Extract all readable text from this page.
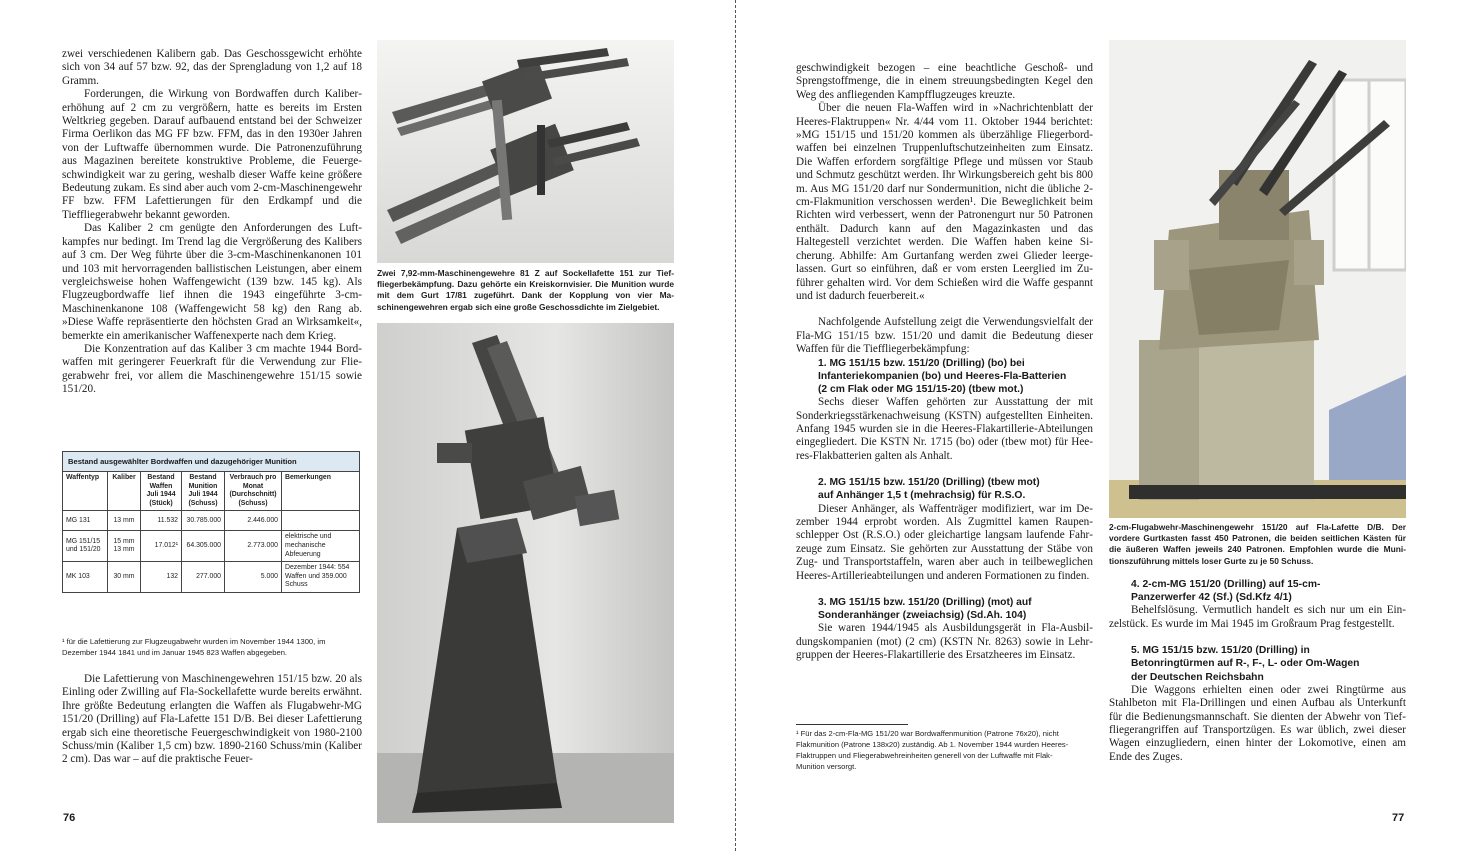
zwei verschiedenen Kalibern gab. Das Geschossgewicht erhöhte sich von 34 auf 57 bzw. 92, das der Sprengladung von 1,2 auf 18 Gramm.

Forderungen, die Wirkung von Bordwaffen durch Kalibererhöhung auf 2 cm zu vergrößern, hatte es bereits im Ersten Weltkrieg gegeben. Darauf aufbauend entstand bei der Schweizer Firma Oerlikon das MG FF bzw. FFM, das in den 1930er Jahren von der Luftwaffe übernommen wurde. Die Patronenzuführung aus Magazinen bereitete konstruktive Probleme, die Feuergeschwindigkeit war zu gering, weshalb dieser Waffe keine größere Bedeutung zukam. Es sind aber auch vom 2-cm-Maschinengewehr FF bzw. FFM Lafettierungen für den Erdkampf und die Tieffliegerabwehr bekannt geworden.

Das Kaliber 2 cm genügte den Anforderungen des Luftkampfes nur bedingt. Im Trend lag die Vergrößerung des Kalibers auf 3 cm. Der Weg führte über die 3-cm-Maschinenkanonen 101 und 103 mit hervorragenden ballistischen Leistungen, aber einem vergleichsweise hohen Waffengewicht (139 bzw. 145 kg). Als Flugzeugbordwaffe lief ihnen die 1943 eingeführte 3-cm-Maschinenkanone 108 (Waffengewicht 58 kg) den Rang ab. »Diese Waffe repräsentierte den höchsten Grad an Wirksamkeit«, bemerkte ein amerikanischer Waffenexperte nach dem Krieg.

Die Konzentration auf das Kaliber 3 cm machte 1944 Bordwaffen mit geringerer Feuerkraft für die Verwendung zur Fliegerabwehr frei, vor allem die Maschinengewehre 151/15 sowie 151/20.

Bestand ausgewählter Bordwaffen und dazugehöriger Munition
Waffentyp	Kaliber	Bestand Waffen Juli 1944 (Stück)	Bestand Munition Juli 1944 (Schuss)	Verbrauch pro Monat (Durchschnitt) (Schuss)	Bemerkungen
MG 131	13 mm	11.532	30.785.000	2.446.000	
MG 151/15 und 151/20	15 mm 13 mm	17.012¹	64.305.000	2.773.000	elektrische und mechanische Abfeuerung
MK 103	30 mm	132	277.000	5.000	Dezember 1944: 554 Waffen und 359.000 Schuss
¹ für die Lafettierung zur Flugzeugabwehr wurden im November 1944 1300, im Dezember 1944 1841 und im Januar 1945 823 Waffen abgegeben.

Die Lafettierung von Maschinengewehren 151/15 bzw. 20 als Einling oder Zwilling auf Fla-Sockellafette wurde bereits erwähnt. Ihre größte Bedeutung erlangten die Waffen als Flugabwehr-MG 151/20 (Drilling) auf Fla-Lafette 151 D/B. Bei dieser Lafettierung ergab sich eine theoretische Feuergeschwindigkeit von 1980-2100 Schuss/min (Kaliber 1,5 cm) bzw. 1890-2160 Schuss/min (Kaliber 2 cm). Das war – auf die praktische Feuer-

Zwei 7,92-mm-Maschinengewehre 81 Z auf Sockellafette 151 zur Tieffliegerbekämpfung. Dazu gehörte ein Kreiskornvisier. Die Munition wurde mit dem Gurt 17/81 zugeführt. Dank der Kopplung von vier Maschinengewehren ergab sich eine große Geschossdichte im Zielgebiet.
76

geschwindigkeit bezogen – eine beachtliche Geschoß- und Sprengstoffmenge, die in einem streuungsbedingten Kegel den Weg des anfliegenden Kampfflugzeuges kreuzte.

Über die neuen Fla-Waffen wird in »Nachrichtenblatt der Heeres-Flaktruppen« Nr. 4/44 vom 11. Oktober 1944 berichtet: »MG 151/15 und 151/20 kommen als überzählige Fliegerbordwaffen bei einzelnen Truppenluftschutzeinheiten zum Einsatz. Die Waffen erfordern sorgfältige Pflege und müssen vor Staub und Schmutz geschützt werden. Ihr Wirkungsbereich geht bis 800 m. Aus MG 151/20 darf nur Sondermunition, nicht die übliche 2-cm-Flakmunition verschossen werden¹. Die Beweglichkeit beim Richten wird verbessert, wenn der Patronengurt nur 50 Patronen enthält. Dadurch kann auf den Magazinkasten und das Haltegestell verzichtet werden. Die Waffen haben keine Sicherung. Abhilfe: Am Gurtanfang werden zwei Glieder leergelassen. Gurt so einführen, daß er vom ersten Leerglied im Zuführer gehalten wird. Vor dem Schießen wird die Waffe gespannt und ist dadurch feuerbereit.«

Nachfolgende Aufstellung zeigt die Verwendungsvielfalt der Fla-MG 151/15 bzw. 151/20 und damit die Bedeutung dieser Waffen für die Tieffliegerbekämpfung:

1. MG 151/15 bzw. 151/20 (Drilling) (bo) bei
Infanteriekompanien (bo) und Heeres-Fla-Batterien
(2 cm Flak oder MG 151/15-20) (tbew mot.)

Sechs dieser Waffen gehörten zur Ausstattung der mit Sonderkriegsstärkenachweisung (KSTN) aufgestellten Einheiten. Anfang 1945 wurden sie in die Heeres-Flakartillerie-Abteilungen eingegliedert. Die KSTN Nr. 1715 (bo) oder (tbew mot) für Heeres-Flakbatterien galten als Anhalt.

2. MG 151/15 bzw. 151/20 (Drilling) (tbew mot)
auf Anhänger 1,5 t (mehrachsig) für R.S.O.

Dieser Anhänger, als Waffenträger modifiziert, war im Dezember 1944 erprobt worden. Als Zugmittel kamen Raupenschlepper Ost (R.S.O.) oder gleichartige langsam laufende Fahrzeuge zum Einsatz. Sie gehörten zur Ausstattung der Stäbe von Zug- und Transportstaffeln, waren aber auch in teilbeweglichen Heeres-Artillerieabteilungen und anderen Formationen zu finden.

3. MG 151/15 bzw. 151/20 (Drilling) (mot) auf
Sonderanhänger (zweiachsig) (Sd.Ah. 104)

Sie waren 1944/1945 als Ausbildungsgerät in Fla-Ausbildungskompanien (mot) (2 cm) (KSTN Nr. 8263) sowie in Lehrgruppen der Heeres-Flakartillerie des Ersatzheeres im Einsatz.

¹ Für das 2-cm-Fla-MG 151/20 war Bordwaffenmunition (Patrone 76x20), nicht Flakmunition (Patrone 138x20) zuständig. Ab 1. November 1944 wurden Heeres-Flaktruppen und Fliegerabwehreinheiten generell von der Luftwaffe mit Flak-Munition versorgt.
2-cm-Flugabwehr-Maschinengewehr 151/20 auf Fla-Lafette D/B. Der vordere Gurtkasten fasst 450 Patronen, die beiden seitlichen Kästen für die äußeren Waffen jeweils 240 Patronen. Empfohlen wurde die Munitionszuführung mittels loser Gurte zu je 50 Schuss.
4. 2-cm-MG 151/20 (Drilling) auf 15-cm-
Panzerwerfer 42 (Sf.) (Sd.Kfz 4/1)

Behelfslösung. Vermutlich handelt es sich nur um ein Einzelstück. Es wurde im Mai 1945 im Großraum Prag festgestellt.

5. MG 151/15 bzw. 151/20 (Drilling) in
Betonringtürmen auf R-, F-, L- oder Om-Wagen
der Deutschen Reichsbahn

Die Waggons erhielten einen oder zwei Ringtürme aus Stahlbeton mit Fla-Drillingen und einen Aufbau als Unterkunft für die Bedienungsmannschaft. Sie dienten der Abwehr von Tieffliegerangriffen auf Transportzügen. Es war üblich, zwei dieser Wagen einzugliedern, einen hinter der Lokomotive, einen am Ende des Zuges.

77
